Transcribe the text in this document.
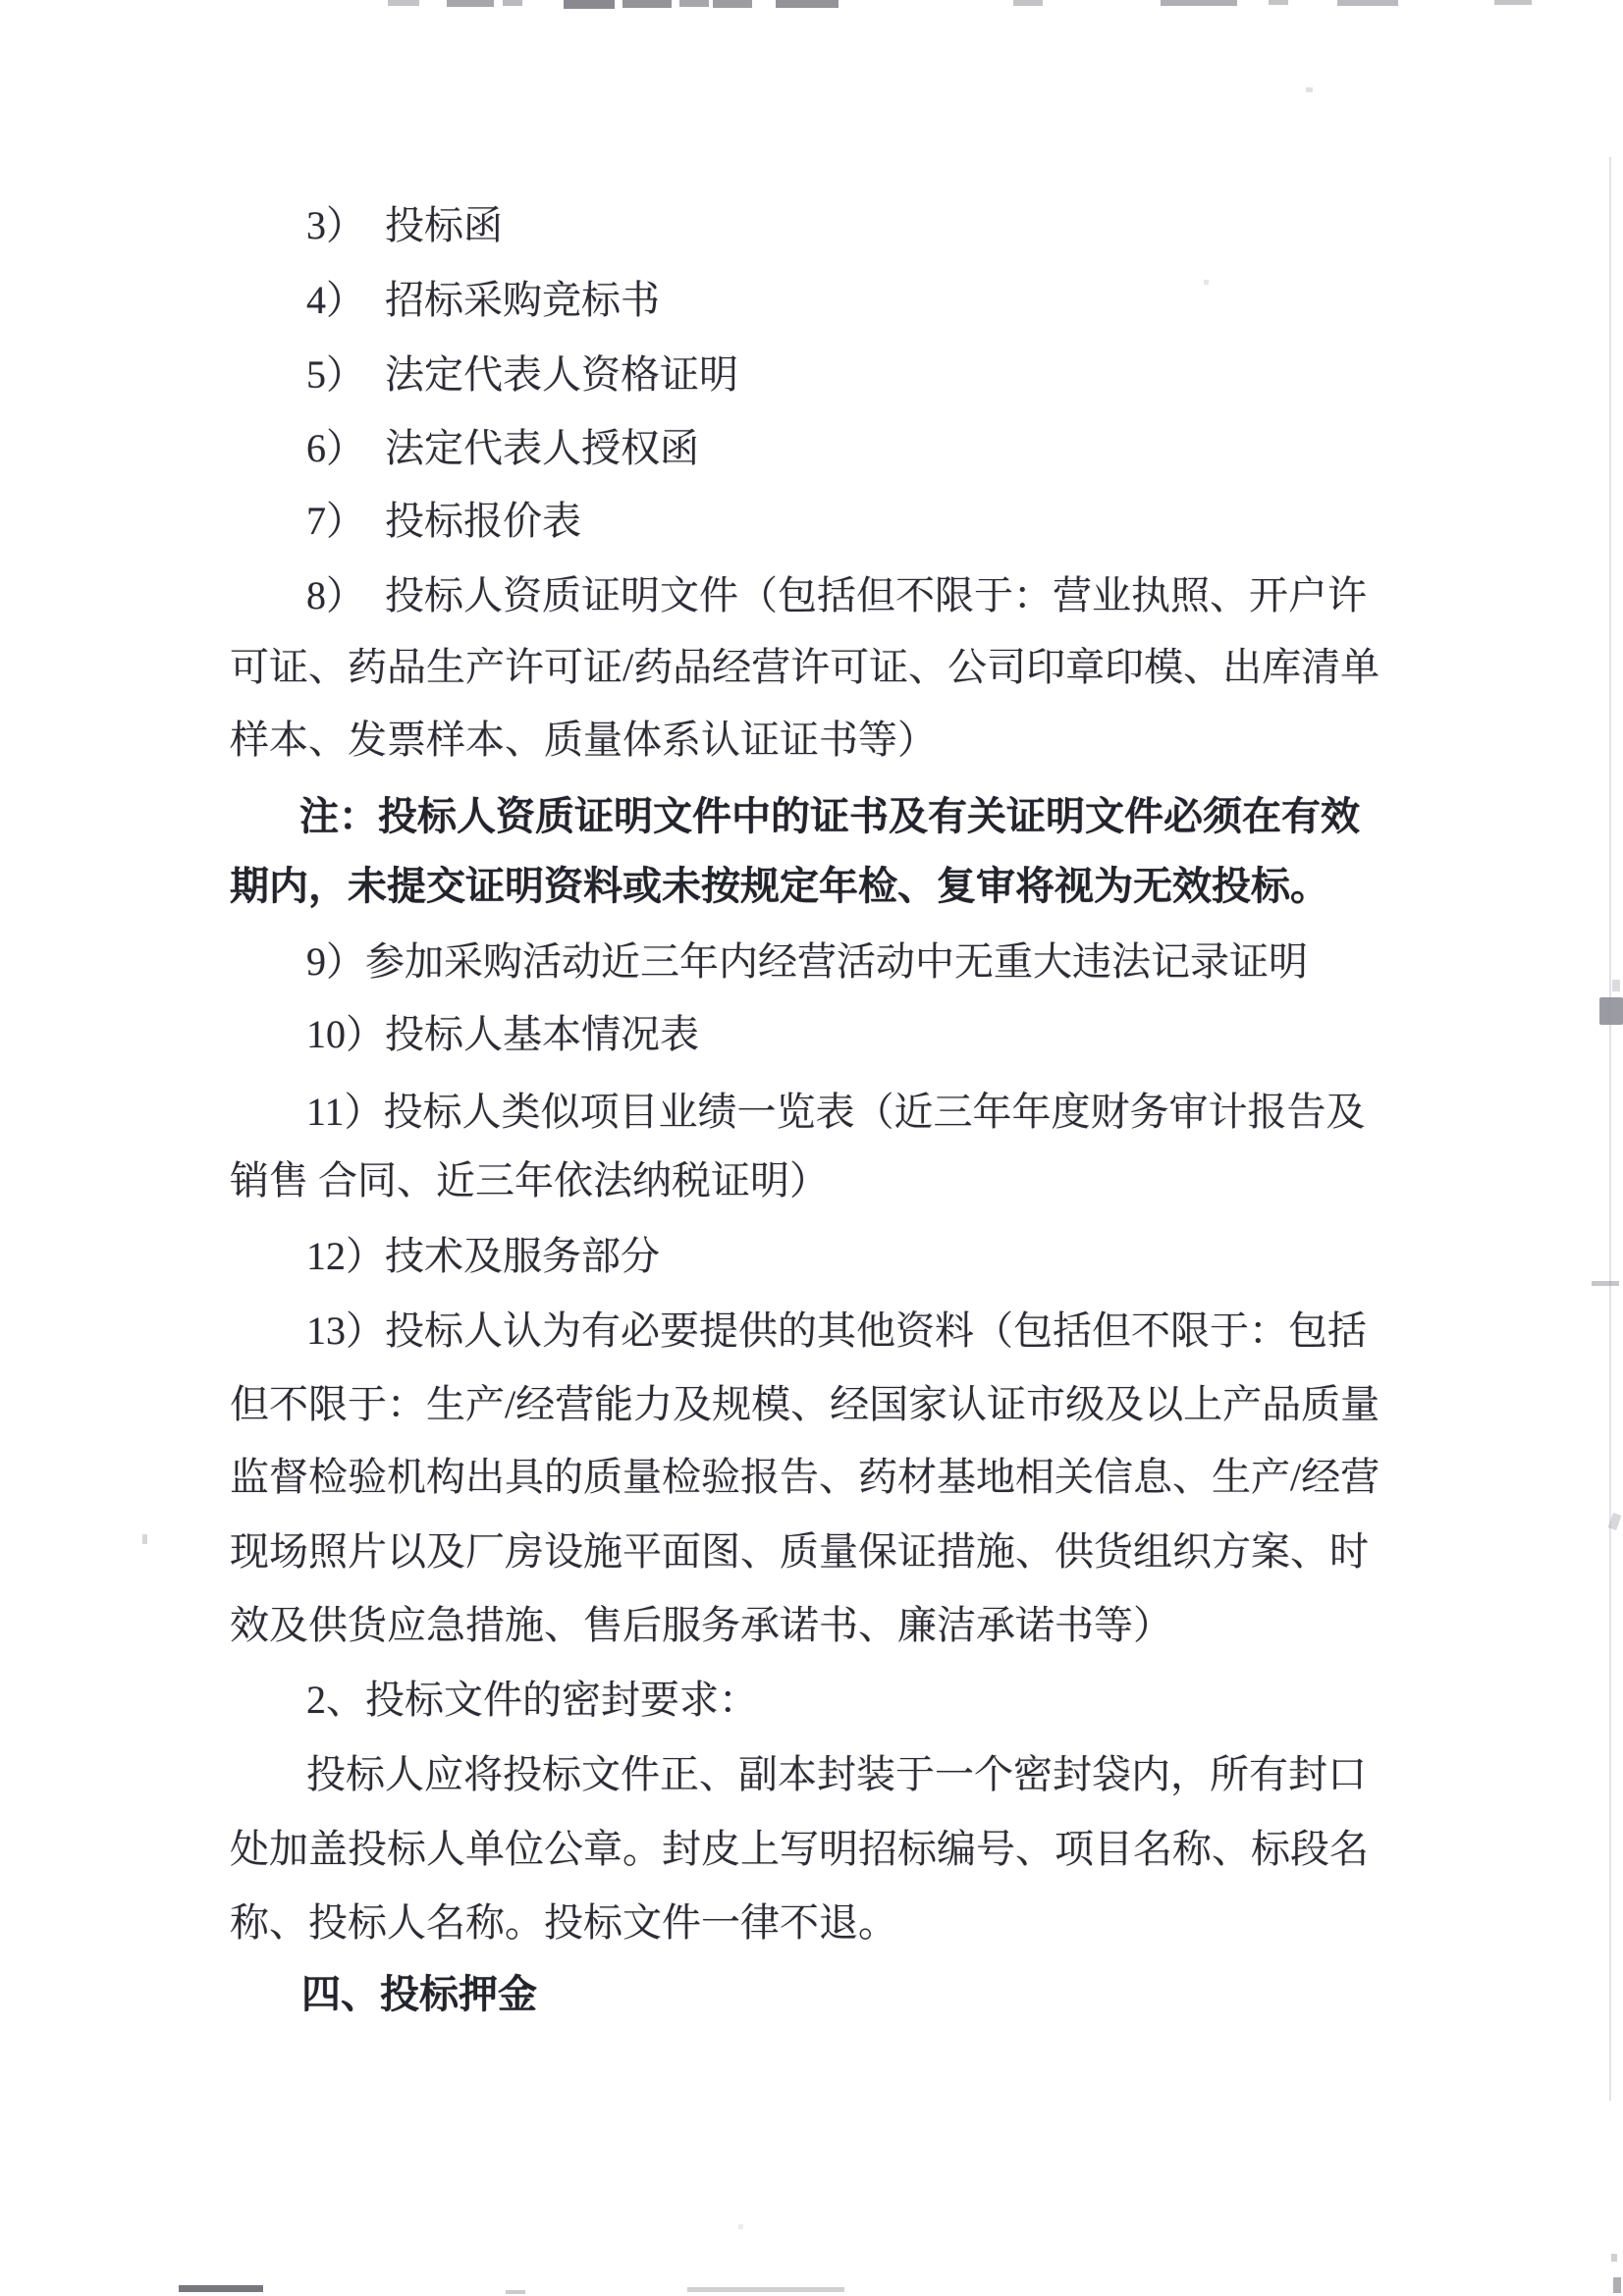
3）　投标函
4）　招标采购竞标书
5）　法定代表人资格证明
6）　法定代表人授权函
7）　投标报价表
8）　投标人资质证明文件（包括但不限于：营业执照、开户许
可证、药品生产许可证/药品经营许可证、公司印章印模、出库清单
样本、发票样本、质量体系认证证书等）
注：投标人资质证明文件中的证书及有关证明文件必须在有效
期内，未提交证明资料或未按规定年检、复审将视为无效投标。
9）参加采购活动近三年内经营活动中无重大违法记录证明
10）投标人基本情况表
11）投标人类似项目业绩一览表（近三年年度财务审计报告及
销售 合同、近三年依法纳税证明）
12）技术及服务部分
13）投标人认为有必要提供的其他资料（包括但不限于：包括
但不限于：生产/经营能力及规模、经国家认证市级及以上产品质量
监督检验机构出具的质量检验报告、药材基地相关信息、生产/经营
现场照片以及厂房设施平面图、质量保证措施、供货组织方案、时
效及供货应急措施、售后服务承诺书、廉洁承诺书等）
2、投标文件的密封要求：
投标人应将投标文件正、副本封装于一个密封袋内，所有封口
处加盖投标人单位公章。封皮上写明招标编号、项目名称、标段名
称、投标人名称。投标文件一律不退。
四、投标押金
